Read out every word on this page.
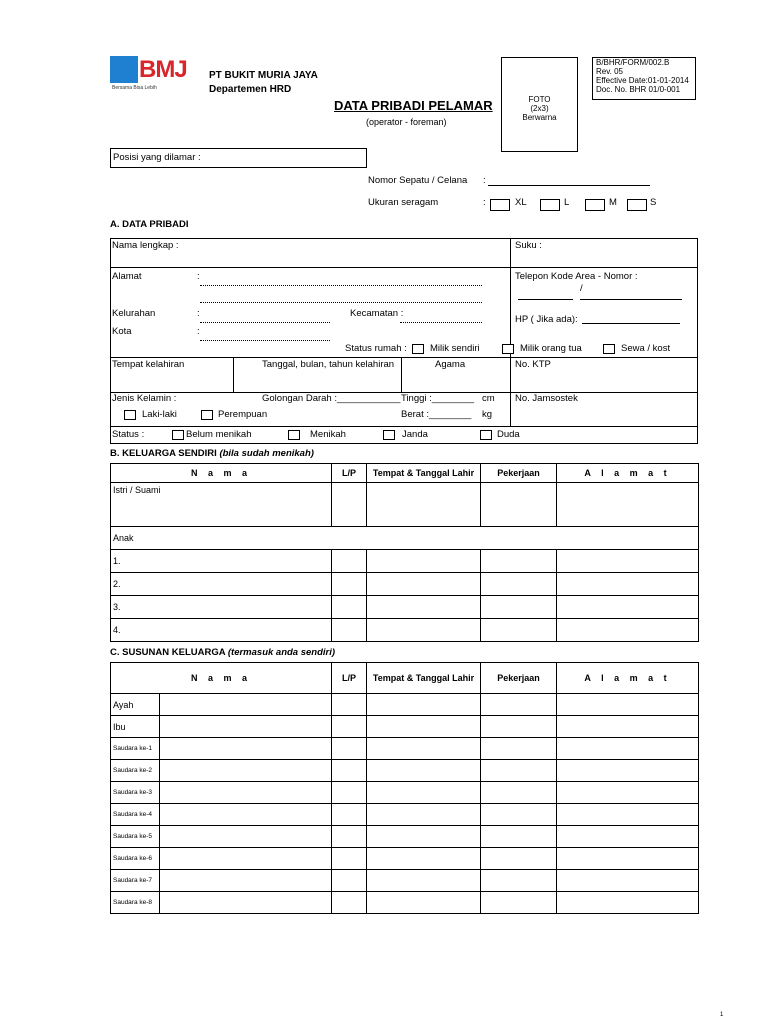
BMJ
Bersama Bisa Lebih
PT BUKIT MURIA JAYA
Departemen HRD
DATA PRIBADI PELAMAR
(operator - foreman)
FOTO
(2x3)
Berwarna
B/BHR/FORM/002.B
Rev. 05
Effective Date:01-01-2014
Doc. No. BHR 01/0-001
Posisi yang dilamar :
Nomor Sepatu / Celana :
Ukuran seragam	:	XL	L	M	S
A. DATA PRIBADI
Nama lengkap :	Suku :
Alamat	:	Telepon Kode Area - Nomor :
/
Kelurahan	:	Kecamatan :
HP ( Jika ada):
Kota	:
Status rumah : Milik sendiri	Milik orang tua	Sewa / kost
Tempat kelahiran	Tanggal, bulan, tahun kelahiran	Agama	No. KTP
Jenis Kelamin :
Laki-laki	Perempuan
Golongan Darah :____________ Tinggi :________ cm
Berat :________ kg
No. Jamsostek
Status :	Belum menikah	Menikah	Janda	Duda
B. KELUARGA SENDIRI (bila sudah menikah)
N a m a	L/P	Tempat & Tanggal Lahir	Pekerjaan	A l a m a t
Istri / Suami				
Anak				
1.				
2.				
3.				
4.				
C. SUSUNAN KELUARGA (termasuk anda sendiri)
N a m a		L/P	Tempat & Tanggal Lahir	Pekerjaan	A l a m a t
Ayah					
Ibu					
Saudara ke-1					
Saudara ke-2					
Saudara ke-3					
Saudara ke-4					
Saudara ke-5					
Saudara ke-6					
Saudara ke-7					
Saudara ke-8					
1
